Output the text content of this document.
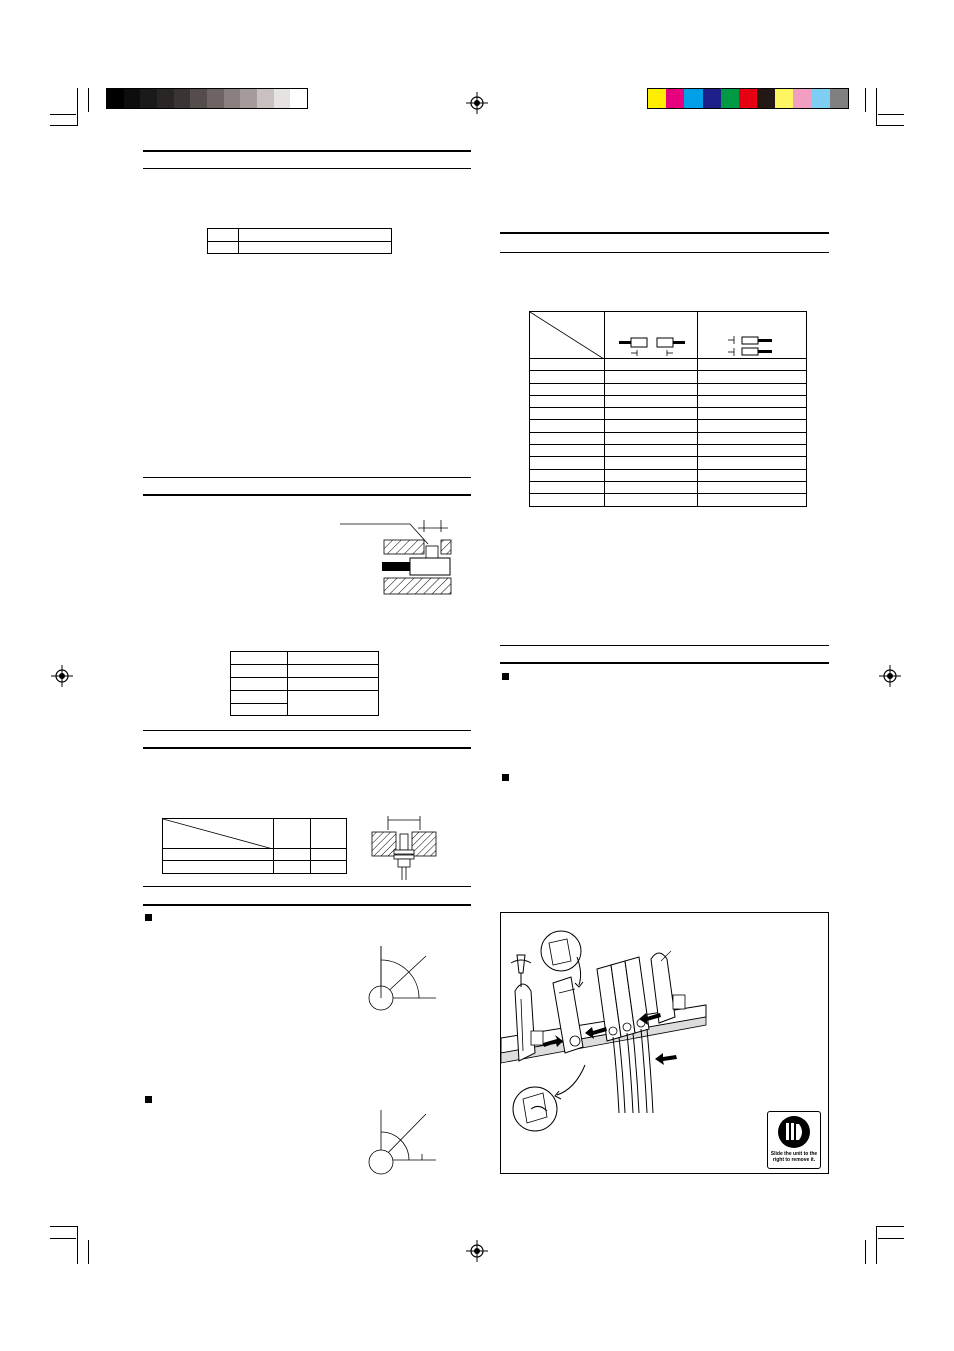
Slide the unit to the right to remove it.
